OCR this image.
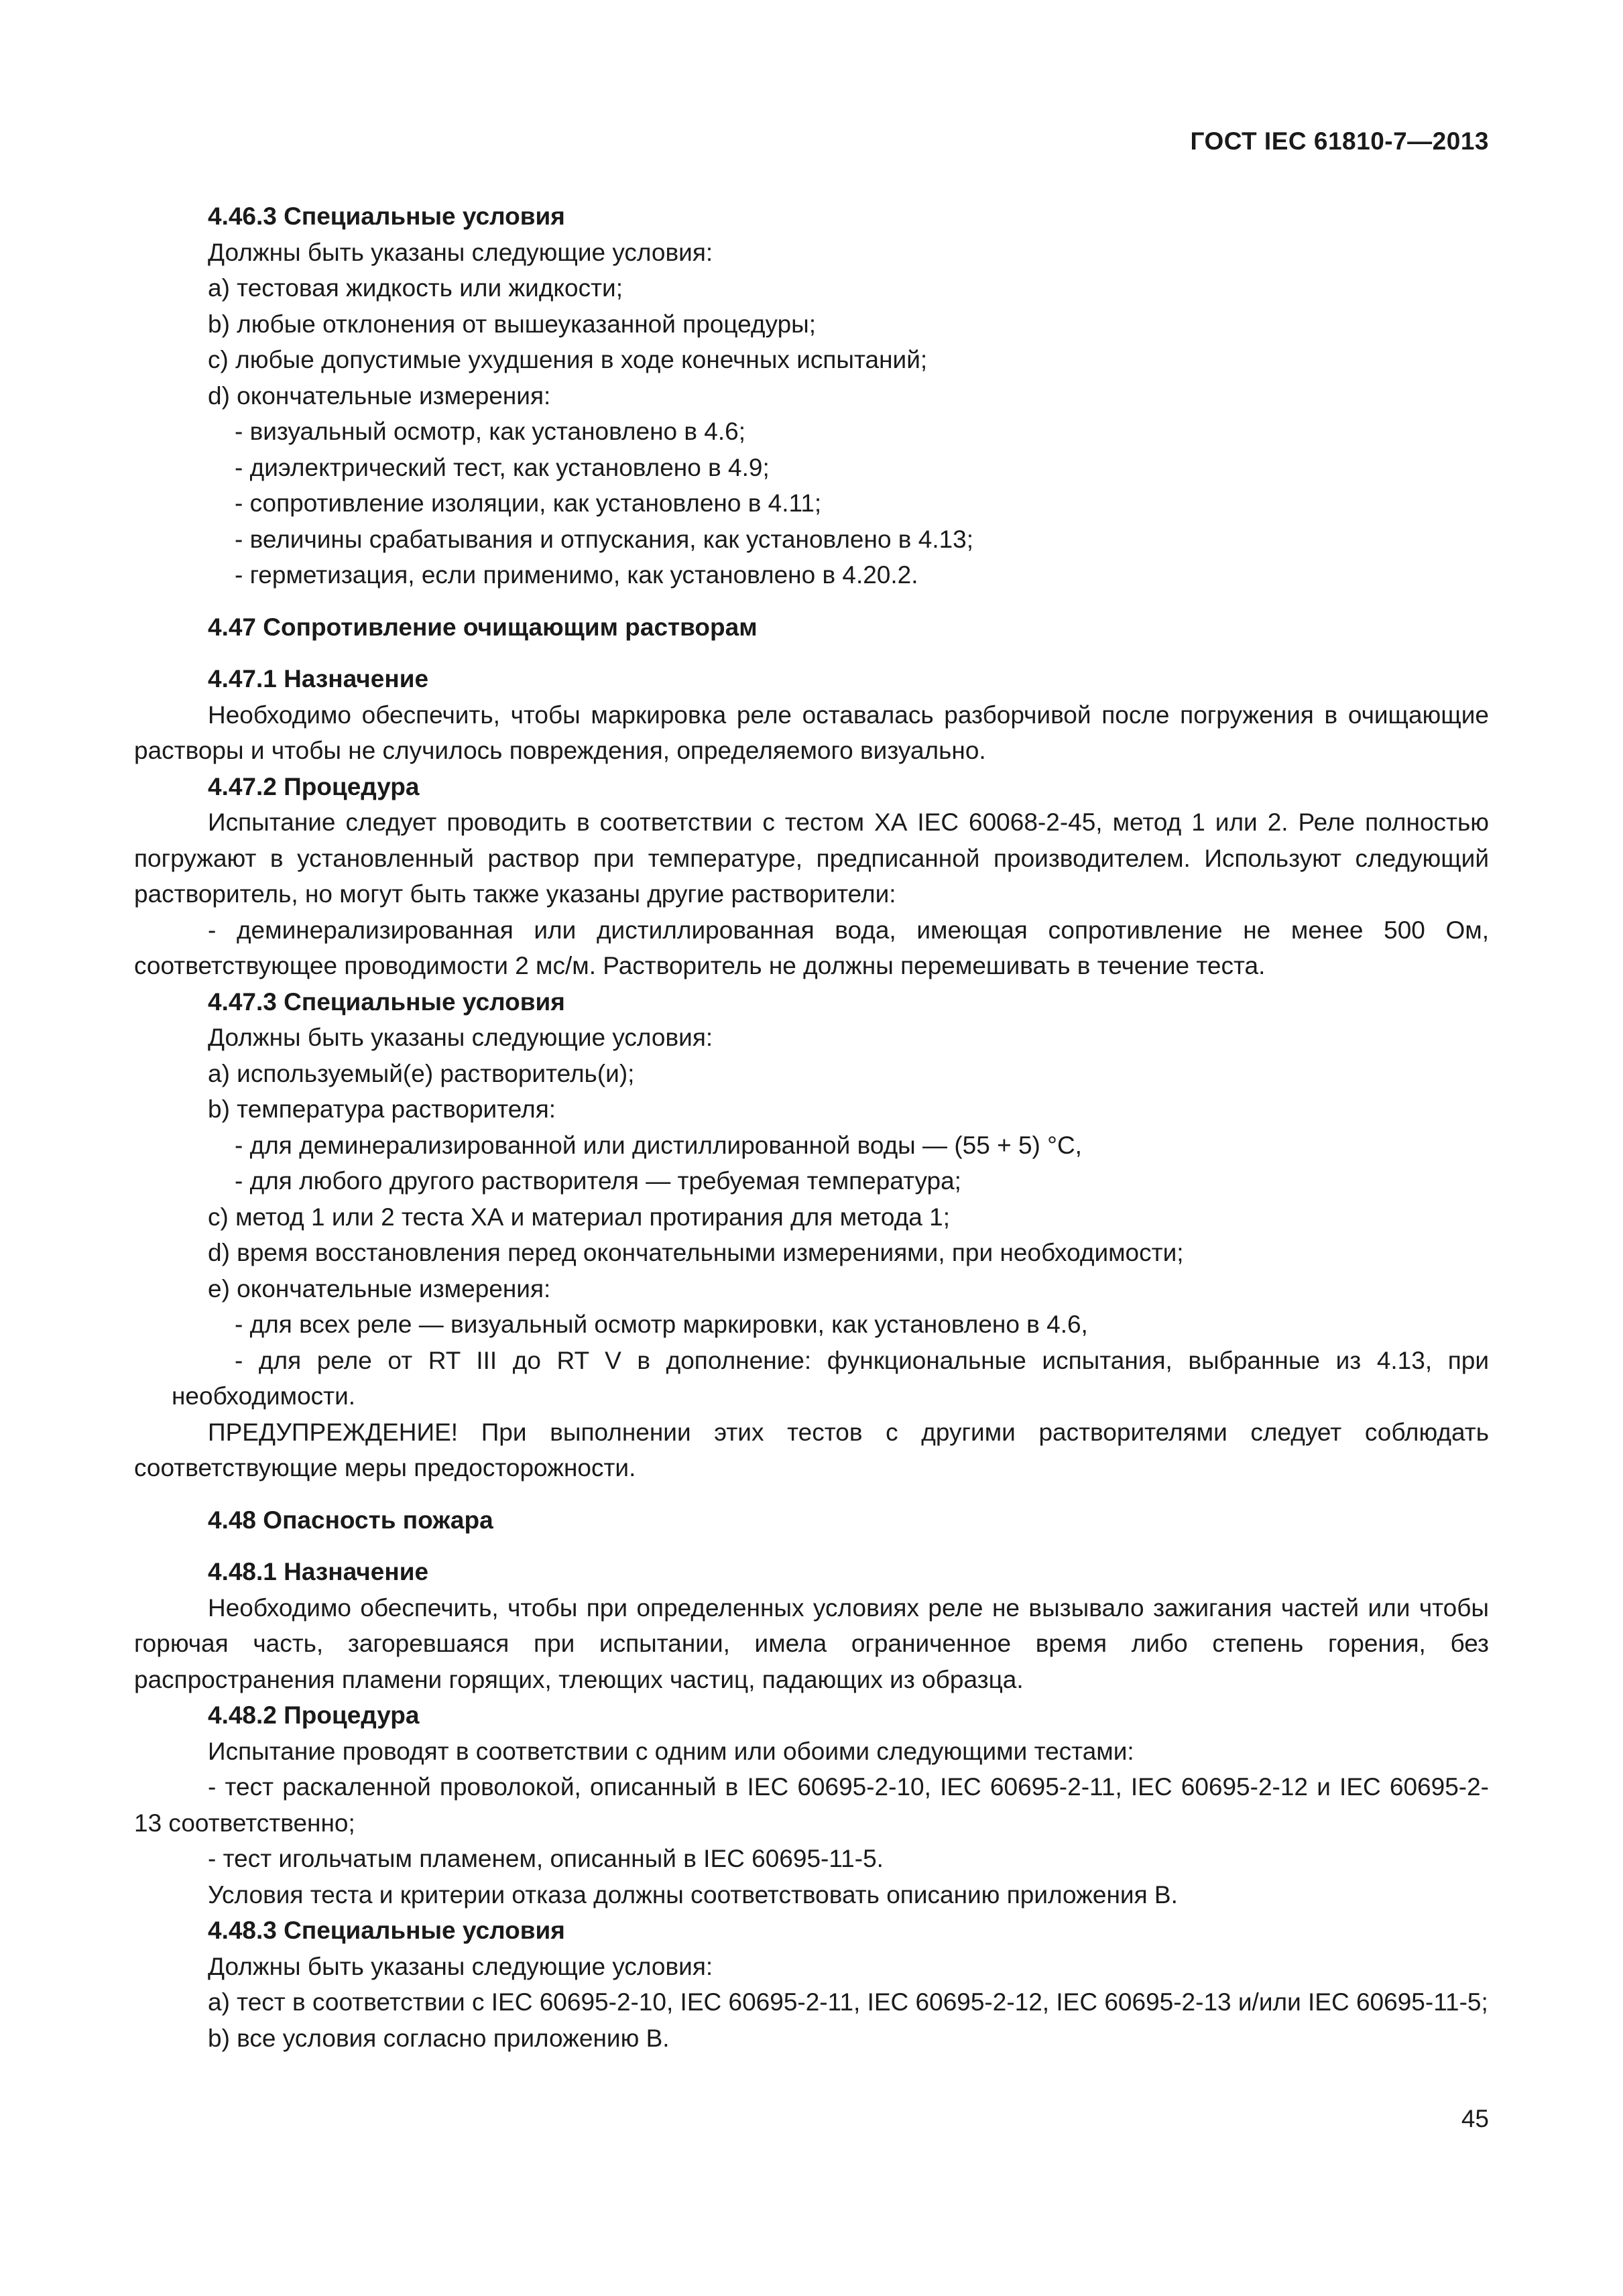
ГОСТ IEC 61810-7—2013

4.46.3 Специальные условия

Должны быть указаны следующие условия:

а) тестовая жидкость или жидкости;

b) любые отклонения от вышеуказанной процедуры;

с) любые допустимые ухудшения в ходе конечных испытаний;

d) окончательные измерения:

- визуальный осмотр, как установлено в 4.6;

- диэлектрический тест, как установлено в 4.9;

- сопротивление изоляции, как установлено в 4.11;

- величины срабатывания и отпускания, как установлено в 4.13;

- герметизация, если применимо, как установлено в 4.20.2.

4.47 Сопротивление очищающим растворам

4.47.1 Назначение

Необходимо обеспечить, чтобы маркировка реле оставалась разборчивой после погружения в очищающие растворы и чтобы не случилось повреждения, определяемого визуально.

4.47.2 Процедура

Испытание следует проводить в соответствии с тестом ХА IEC 60068-2-45, метод 1 или 2. Реле полностью погружают в установленный раствор при температуре, предписанной производителем. Используют следующий растворитель, но могут быть также указаны другие растворители:

- деминерализированная или дистиллированная вода, имеющая сопротивление не менее 500 Ом, соответствующее проводимости 2 мс/м. Растворитель не должны перемешивать в течение теста.

4.47.3 Специальные условия

Должны быть указаны следующие условия:

а) используемый(е) растворитель(и);

b) температура растворителя:

- для деминерализированной или дистиллированной воды — (55 + 5) °С,

- для любого другого растворителя — требуемая температура;

с) метод 1 или 2 теста ХА и материал протирания для метода 1;

d) время восстановления перед окончательными измерениями, при необходимости;

е) окончательные измерения:

- для всех реле — визуальный осмотр маркировки, как установлено в 4.6,

- для реле от RT III до RT V в дополнение: функциональные испытания, выбранные из 4.13, при необходимости.

ПРЕДУПРЕЖДЕНИЕ! При выполнении этих тестов с другими растворителями следует соблюдать соответствующие меры предосторожности.

4.48 Опасность пожара

4.48.1 Назначение

Необходимо обеспечить, чтобы при определенных условиях реле не вызывало зажигания частей или чтобы горючая часть, загоревшаяся при испытании, имела ограниченное время либо степень горения, без распространения пламени горящих, тлеющих частиц, падающих из образца.

4.48.2 Процедура

Испытание проводят в соответствии с одним или обоими следующими тестами:

- тест раскаленной проволокой, описанный в IEC 60695-2-10, IEC 60695-2-11, IEC 60695-2-12 и IEC 60695-2-13 соответственно;

- тест игольчатым пламенем, описанный в IEC 60695-11-5.

Условия теста и критерии отказа должны соответствовать описанию приложения В.

4.48.3 Специальные условия

Должны быть указаны следующие условия:

а) тест в соответствии с IEC 60695-2-10, IEC 60695-2-11, IEC 60695-2-12, IEC 60695-2-13 и/или IEC 60695-11-5;

b) все условия согласно приложению В.

45
